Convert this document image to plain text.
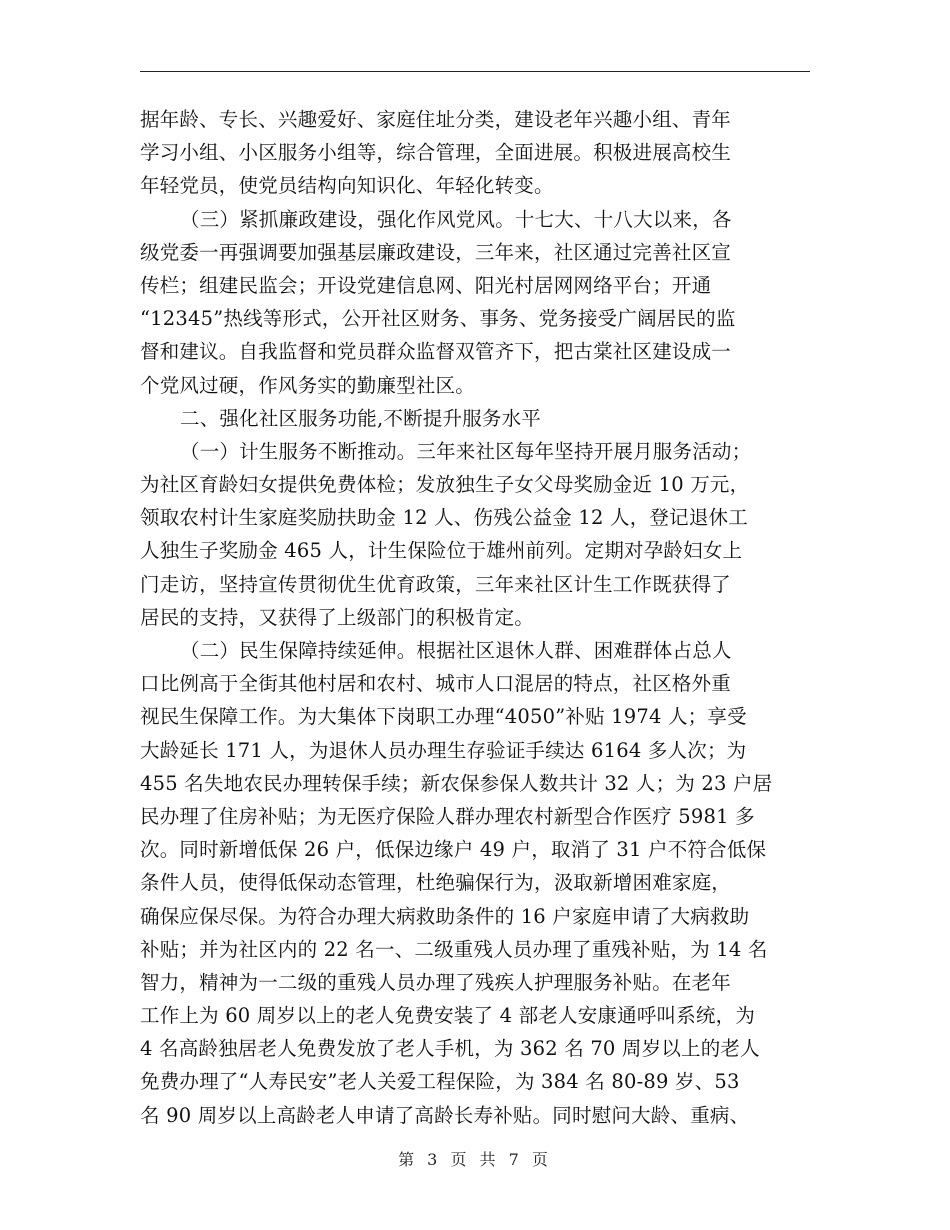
据年龄、专长、兴趣爱好、家庭住址分类，建设老年兴趣小组、青年
学习小组、小区服务小组等，综合管理，全面进展。积极进展高校生
年轻党员，使党员结构向知识化、年轻化转变。
（三）紧抓廉政建设，强化作风党风。十七大、十八大以来，各
级党委一再强调要加强基层廉政建设，三年来，社区通过完善社区宣
传栏；组建民监会；开设党建信息网、阳光村居网网络平台；开通
“12345”热线等形式，公开社区财务、事务、党务接受广阔居民的监
督和建议。自我监督和党员群众监督双管齐下，把古棠社区建设成一
个党风过硬，作风务实的勤廉型社区。
二、强化社区服务功能,不断提升服务水平
（一）计生服务不断推动。三年来社区每年坚持开展月服务活动；
为社区育龄妇女提供免费体检；发放独生子女父母奖励金近 10 万元，
领取农村计生家庭奖励扶助金 12 人、伤残公益金 12 人，登记退休工
人独生子奖励金 465 人，计生保险位于雄州前列。定期对孕龄妇女上
门走访，坚持宣传贯彻优生优育政策，三年来社区计生工作既获得了
居民的支持，又获得了上级部门的积极肯定。
（二）民生保障持续延伸。根据社区退休人群、困难群体占总人
口比例高于全街其他村居和农村、城市人口混居的特点，社区格外重
视民生保障工作。为大集体下岗职工办理“4050”补贴 1974 人；享受
大龄延长 171 人，为退休人员办理生存验证手续达 6164 多人次；为
455 名失地农民办理转保手续；新农保参保人数共计 32 人；为 23 户居
民办理了住房补贴；为无医疗保险人群办理农村新型合作医疗 5981 多
次。同时新增低保 26 户，低保边缘户 49 户，取消了 31 户不符合低保
条件人员，使得低保动态管理，杜绝骗保行为，汲取新增困难家庭，
确保应保尽保。为符合办理大病救助条件的 16 户家庭申请了大病救助
补贴；并为社区内的 22 名一、二级重残人员办理了重残补贴，为 14 名
智力，精神为一二级的重残人员办理了残疾人护理服务补贴。在老年
工作上为 60 周岁以上的老人免费安装了 4 部老人安康通呼叫系统，为
4 名高龄独居老人免费发放了老人手机，为 362 名 70 周岁以上的老人
免费办理了“人寿民安”老人关爱工程保险，为 384 名 80-89 岁、53
名 90 周岁以上高龄老人申请了高龄长寿补贴。同时慰问大龄、重病、
第 3 页 共 7 页
